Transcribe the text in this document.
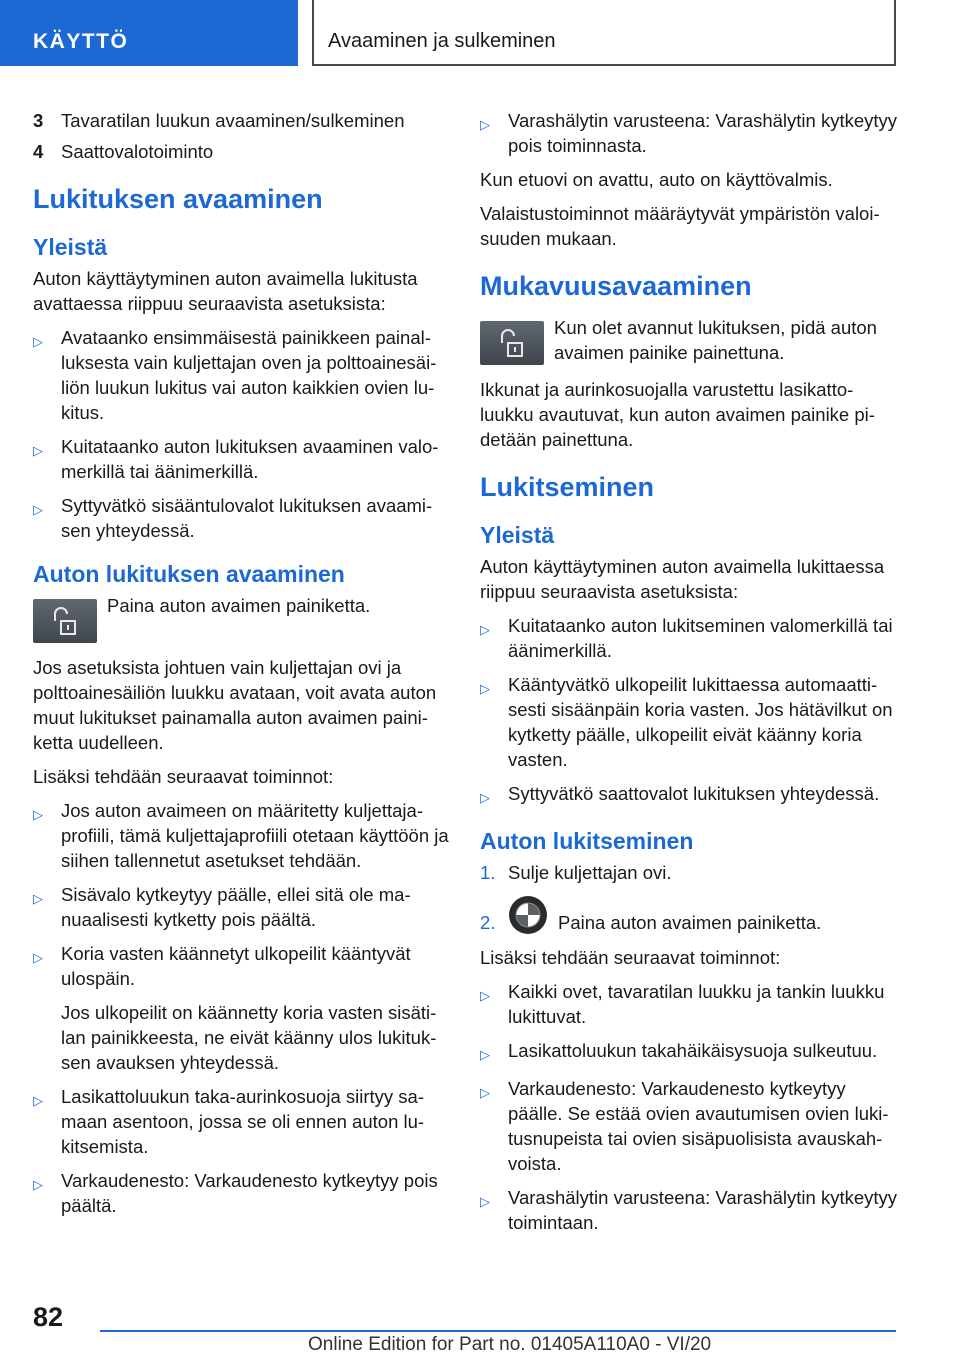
KÄYTTÖ	Avaaminen ja sulkeminen
3 Tavaratilan luukun avaaminen/sulkeminen
4 Saattovalotoiminto
Lukituksen avaaminen
Yleistä
Auton käyttäytyminen auton avaimella lukitusta avattaessa riippuu seuraavista asetuksista:
▷ Avataanko ensimmäisestä painikkeen painalluksesta vain kuljettajan oven ja polttoainesäiliön luukun lukitus vai auton kaikkien ovien lukitus.
▷ Kuitataanko auton lukituksen avaaminen valomerkillä tai äänimerkillä.
▷ Syttyvätkö sisääntulovalot lukituksen avaamisen yhteydessä.
Auton lukituksen avaaminen
Paina auton avaimen painiketta.
Jos asetuksista johtuen vain kuljettajan ovi ja polttoainesäiliön luukku avataan, voit avata auton muut lukitukset painamalla auton avaimen painiketta uudelleen.
Lisäksi tehdään seuraavat toiminnot:
▷ Jos auton avaimeen on määritetty kuljettajaprofiili, tämä kuljettajaprofiili otetaan käyttöön ja siihen tallennetut asetukset tehdään.
▷ Sisävalo kytkeytyy päälle, ellei sitä ole manuaalisesti kytketty pois päältä.
▷ Koria vasten käännetyt ulkopeilit kääntyvät ulospäin.
Jos ulkopeilit on käännetty koria vasten sisätilan painikkeesta, ne eivät käänny ulos lukituksen avauksen yhteydessä.
▷ Lasikattoluukun taka-aurinkosuoja siirtyy samaan asentoon, jossa se oli ennen auton lukitsemista.
▷ Varkaudenesto: Varkaudenesto kytkeytyy pois päältä.
▷ Varashälytin varusteena: Varashälytin kytkeytyy pois toiminnasta.
Kun etuovi on avattu, auto on käyttövalmis.
Valaistustoiminnot määräytyvät ympäristön valoisuuden mukaan.
Mukavuusavaaminen
Kun olet avannut lukituksen, pidä auton avaimen painike painettuna.
Ikkunat ja aurinkosuojalla varustettu lasikattoluukku avautuvat, kun auton avaimen painike pidetään painettuna.
Lukitseminen
Yleistä
Auton käyttäytyminen auton avaimella lukittaessa riippuu seuraavista asetuksista:
▷ Kuitataanko auton lukitseminen valomerkillä tai äänimerkillä.
▷ Kääntyvätkö ulkopeilit lukittaessa automaattisesti sisäänpäin koria vasten. Jos hätävilkut on kytketty päälle, ulkopeilit eivät käänny koria vasten.
▷ Syttyvätkö saattovalot lukituksen yhteydessä.
Auton lukitseminen
1. Sulje kuljettajan ovi.
2.	Paina auton avaimen painiketta.
Lisäksi tehdään seuraavat toiminnot:
▷ Kaikki ovet, tavaratilan luukku ja tankin luukku lukittuvat.
▷ Lasikattoluukun takahäikäisysuoja sulkeutuu.
▷ Varkaudenesto: Varkaudenesto kytkeytyy päälle. Se estää ovien avautumisen ovien lukitusnupeista tai ovien sisäpuolisista avauskahvoista.
▷ Varashälytin varusteena: Varashälytin kytkeytyy toimintaan.
82
Online Edition for Part no. 01405A110A0 - VI/20
